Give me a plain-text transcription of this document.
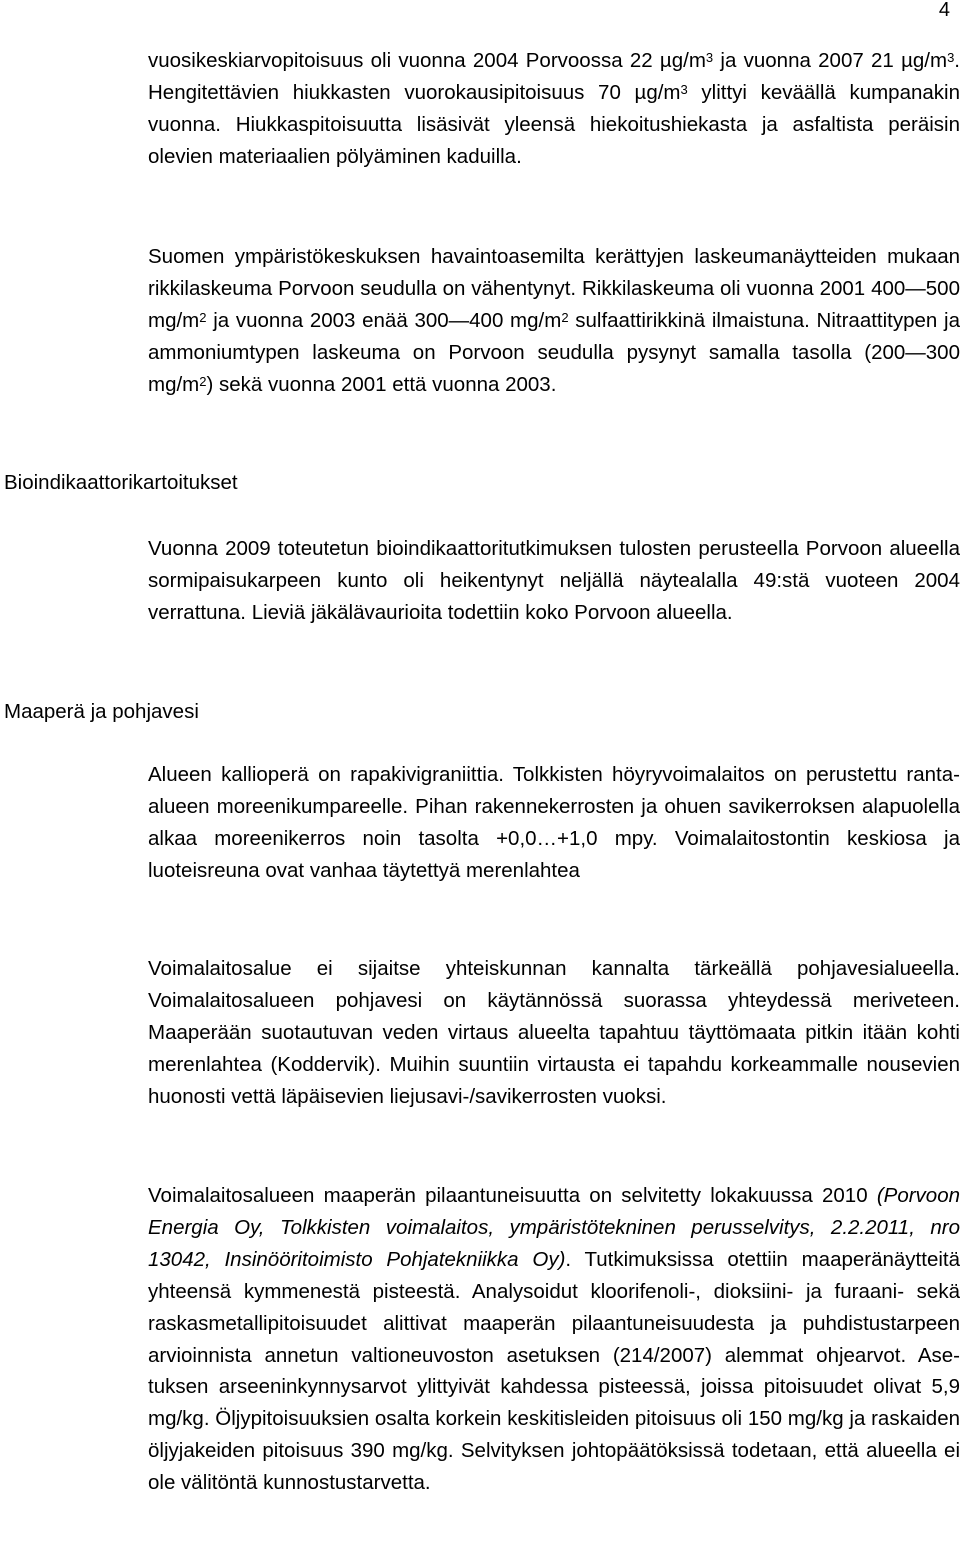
4

vuosikeskiarvopitoisuus oli vuonna 2004 Porvoossa 22 $\mu g/m^3$ ja vuonna 2007 21 $\mu g/m^3$. Hengitettävien hiukkasten vuorokausipitoisuus 70 $\mu g/m^3$ ylittyi keväällä kumpanakin vuonna. Hiukkaspitoisuutta lisäsivät yleensä hiekoitushiekasta ja asfaltista peräisin olevien materiaalien pölyäminen kaduilla.

Suomen ympäristökeskuksen havaintoasemilta kerättyjen laskeumanäytteiden mukaan rikkilaskeuma Porvoon seudulla on vähentynyt. Rikkilaskeuma oli vuonna 2001 400—500 $mg/m^2$ ja vuonna 2003 enää 300—400 $mg/m^2$ sulfaattirikkinä ilmaistuna. Nitraattitypen ja ammoniumtypen laskeuma on Porvoon seudulla pysynyt samalla tasolla (200—300 $mg/m^2$) sekä vuonna 2001 että vuonna 2003.

Bioindikaattorikartoitukset

Vuonna 2009 toteutetun bioindikaattoritutkimuksen tulosten perusteella Porvoon alueella sormipaisukarpeen kunto oli heikentynyt neljällä näytealalla 49:stä vuoteen 2004 verrattuna. Lieviä jäkälävaurioita todettiin koko Porvoon alueella.

Maaperä ja pohjavesi

Alueen kallioperä on rapakivigraniittia. Tolkkisten höyryvoimalaitos on perustettu ranta-alueen moreenikumpareelle. Pihan rakennekerrosten ja ohuen savikerroksen alapuolella alkaa moreenikerros noin tasolta +0,0…+1,0 mpy. Voimalaitostontin keskiosa ja luoteisreuna ovat vanhaa täytettyä merenlahtea

Voimalaitosalue ei sijaitse yhteiskunnan kannalta tärkeällä pohjavesialueella. Voimalaitosalueen pohjavesi on käytännössä suorassa yhteydessä meriveteen. Maaperään suotautuvan veden virtaus alueelta tapahtuu täyttömaata pitkin itään kohti merenlahtea (Koddervik). Muihin suuntiin virtausta ei tapahdu korkeammalle nousevien huonosti vettä läpäisevien liejusavi-/savikerrosten vuoksi.

Voimalaitosalueen maaperän pilaantuneisuutta on selvitetty lokakuussa 2010 (Porvoon Energia Oy, Tolkkisten voimalaitos, ympäristötekninen perusselvitys, 2.2.2011, nro 13042, Insinööritoimisto Pohjatekniikka Oy). Tutkimuksissa otettiin maaperänäytteitä yhteensä kymmenestä pisteestä. Analysoidut kloorifenoli-, dioksiini- ja furaani- sekä raskasmetallipitoisuudet alittivat maaperän pilaantuneisuudesta ja puhdistustarpeen arvioinnista annetun valtioneuvoston asetuksen (214/2007) alemmat ohjearvot. Asetuksen arseeninkynnysarvot ylittyivät kahdessa pisteessä, joissa pitoisuudet olivat 5,9 mg/kg. Öljypitoisuuksien osalta korkein keskitisleiden pitoisuus oli 150 mg/kg ja raskaiden öljyjakeiden pitoisuus 390 mg/kg. Selvityksen johtopäätöksissä todetaan, että alueella ei ole välitöntä kunnostustarvetta.
